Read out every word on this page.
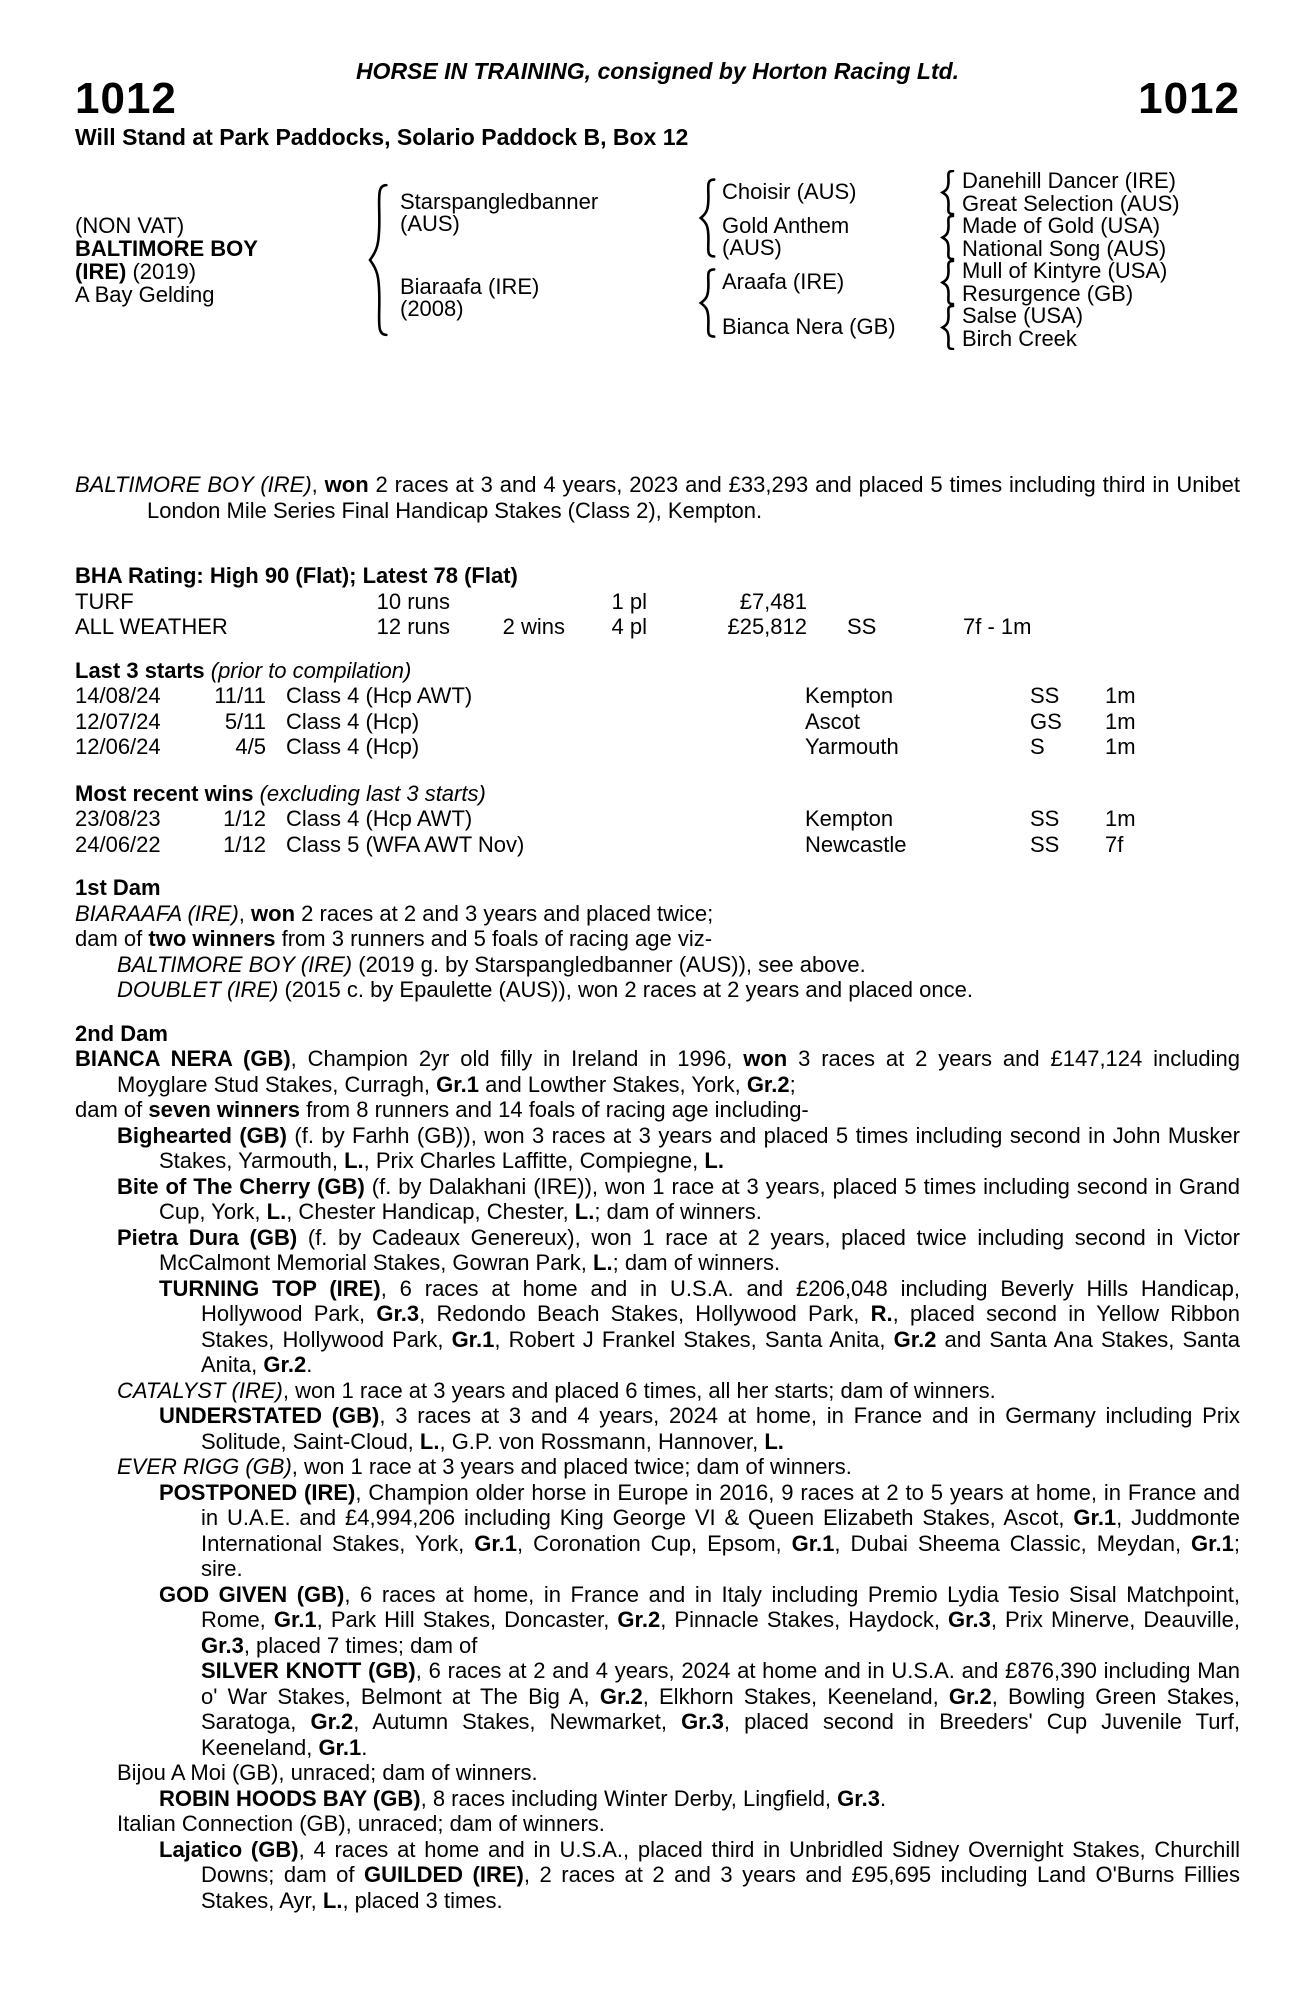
HORSE IN TRAINING, consigned by Horton Racing Ltd.
1012	1012
Will Stand at Park Paddocks, Solario Paddock B, Box 12
(NON VAT)
BALTIMORE BOY
(IRE) (2019)
A Bay Gelding
Starspangledbanner
(AUS)
Biaraafa (IRE)
(2008)
Choisir (AUS)
Gold Anthem
(AUS)
Araafa (IRE)
Bianca Nera (GB)
Danehill Dancer (IRE)
Great Selection (AUS)
Made of Gold (USA)
National Song (AUS)
Mull of Kintyre (USA)
Resurgence (GB)
Salse (USA)
Birch Creek

BALTIMORE BOY (IRE), won 2 races at 3 and 4 years, 2023 and £33,293 and placed 5 times including third in Unibet London Mile Series Final Handicap Stakes (Class 2), Kempton.

BHA Rating: High 90 (Flat); Latest 78 (Flat)
TURF	10 runs	1 pl	£7,481
ALL WEATHER	12 runs	2 wins	4 pl	£25,812	SS	7f - 1m
Last 3 starts (prior to compilation)
14/08/24	11/11 Class 4 (Hcp AWT)	Kempton	SS	1m
12/07/24	5/11 Class 4 (Hcp)	Ascot	GS	1m
12/06/24	4/5 Class 4 (Hcp)	Yarmouth	S	1m
Most recent wins (excluding last 3 starts)
23/08/23	1/12 Class 4 (Hcp AWT)	Kempton	SS	1m
24/06/22	1/12 Class 5 (WFA AWT Nov)	Newcastle	SS	7f
1st Dam

BIARAAFA (IRE), won 2 races at 2 and 3 years and placed twice;

dam of two winners from 3 runners and 5 foals of racing age viz-

BALTIMORE BOY (IRE) (2019 g. by Starspangledbanner (AUS)), see above.

DOUBLET (IRE) (2015 c. by Epaulette (AUS)), won 2 races at 2 years and placed once.

2nd Dam

BIANCA NERA (GB), Champion 2yr old filly in Ireland in 1996, won 3 races at 2 years and £147,124 including Moyglare Stud Stakes, Curragh, Gr.1 and Lowther Stakes, York, Gr.2;

dam of seven winners from 8 runners and 14 foals of racing age including-

Bighearted (GB) (f. by Farhh (GB)), won 3 races at 3 years and placed 5 times including second in John Musker Stakes, Yarmouth, L., Prix Charles Laffitte, Compiegne, L.

Bite of The Cherry (GB) (f. by Dalakhani (IRE)), won 1 race at 3 years, placed 5 times including second in Grand Cup, York, L., Chester Handicap, Chester, L.; dam of winners.

Pietra Dura (GB) (f. by Cadeaux Genereux), won 1 race at 2 years, placed twice including second in Victor McCalmont Memorial Stakes, Gowran Park, L.; dam of winners.

TURNING TOP (IRE), 6 races at home and in U.S.A. and £206,048 including Beverly Hills Handicap, Hollywood Park, Gr.3, Redondo Beach Stakes, Hollywood Park, R., placed second in Yellow Ribbon Stakes, Hollywood Park, Gr.1, Robert J Frankel Stakes, Santa Anita, Gr.2 and Santa Ana Stakes, Santa Anita, Gr.2.

CATALYST (IRE), won 1 race at 3 years and placed 6 times, all her starts; dam of winners.

UNDERSTATED (GB), 3 races at 3 and 4 years, 2024 at home, in France and in Germany including Prix Solitude, Saint-Cloud, L., G.P. von Rossmann, Hannover, L.

EVER RIGG (GB), won 1 race at 3 years and placed twice; dam of winners.

POSTPONED (IRE), Champion older horse in Europe in 2016, 9 races at 2 to 5 years at home, in France and in U.A.E. and £4,994,206 including King George VI & Queen Elizabeth Stakes, Ascot, Gr.1, Juddmonte International Stakes, York, Gr.1, Coronation Cup, Epsom, Gr.1, Dubai Sheema Classic, Meydan, Gr.1; sire.

GOD GIVEN (GB), 6 races at home, in France and in Italy including Premio Lydia Tesio Sisal Matchpoint, Rome, Gr.1, Park Hill Stakes, Doncaster, Gr.2, Pinnacle Stakes, Haydock, Gr.3, Prix Minerve, Deauville, Gr.3, placed 7 times; dam of

SILVER KNOTT (GB), 6 races at 2 and 4 years, 2024 at home and in U.S.A. and £876,390 including Man o' War Stakes, Belmont at The Big A, Gr.2, Elkhorn Stakes, Keeneland, Gr.2, Bowling Green Stakes, Saratoga, Gr.2, Autumn Stakes, Newmarket, Gr.3, placed second in Breeders' Cup Juvenile Turf, Keeneland, Gr.1.

Bijou A Moi (GB), unraced; dam of winners.

ROBIN HOODS BAY (GB), 8 races including Winter Derby, Lingfield, Gr.3.

Italian Connection (GB), unraced; dam of winners.

Lajatico (GB), 4 races at home and in U.S.A., placed third in Unbridled Sidney Overnight Stakes, Churchill Downs; dam of GUILDED (IRE), 2 races at 2 and 3 years and £95,695 including Land O'Burns Fillies Stakes, Ayr, L., placed 3 times.
